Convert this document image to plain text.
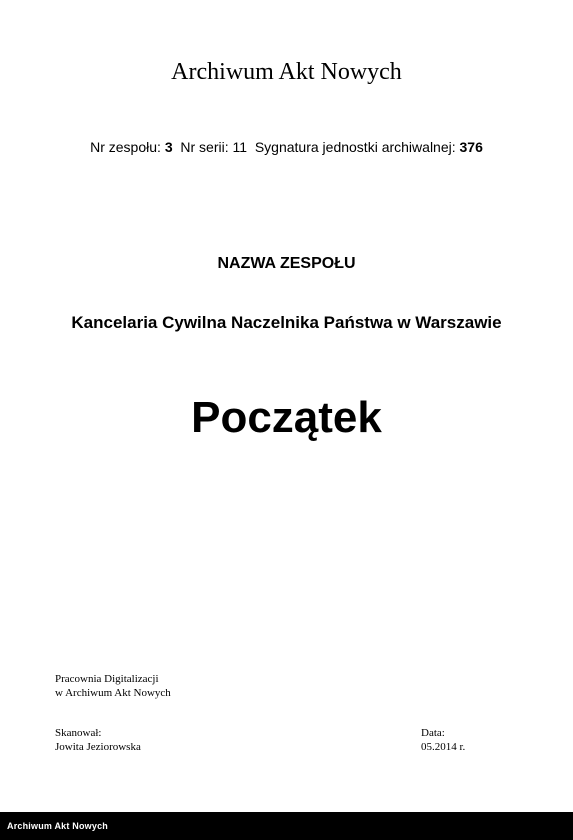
Archiwum Akt Nowych
Nr zespołu: 3 Nr serii: 11 Sygnatura jednostki archiwalnej: 376
NAZWA ZESPOŁU
Kancelaria Cywilna Naczelnika Państwa w Warszawie
Początek
Pracownia Digitalizacji
w Archiwum Akt Nowych
Skanował:
Jowita Jeziorowska
Data:
05.2014 r.
Archiwum Akt Nowych
